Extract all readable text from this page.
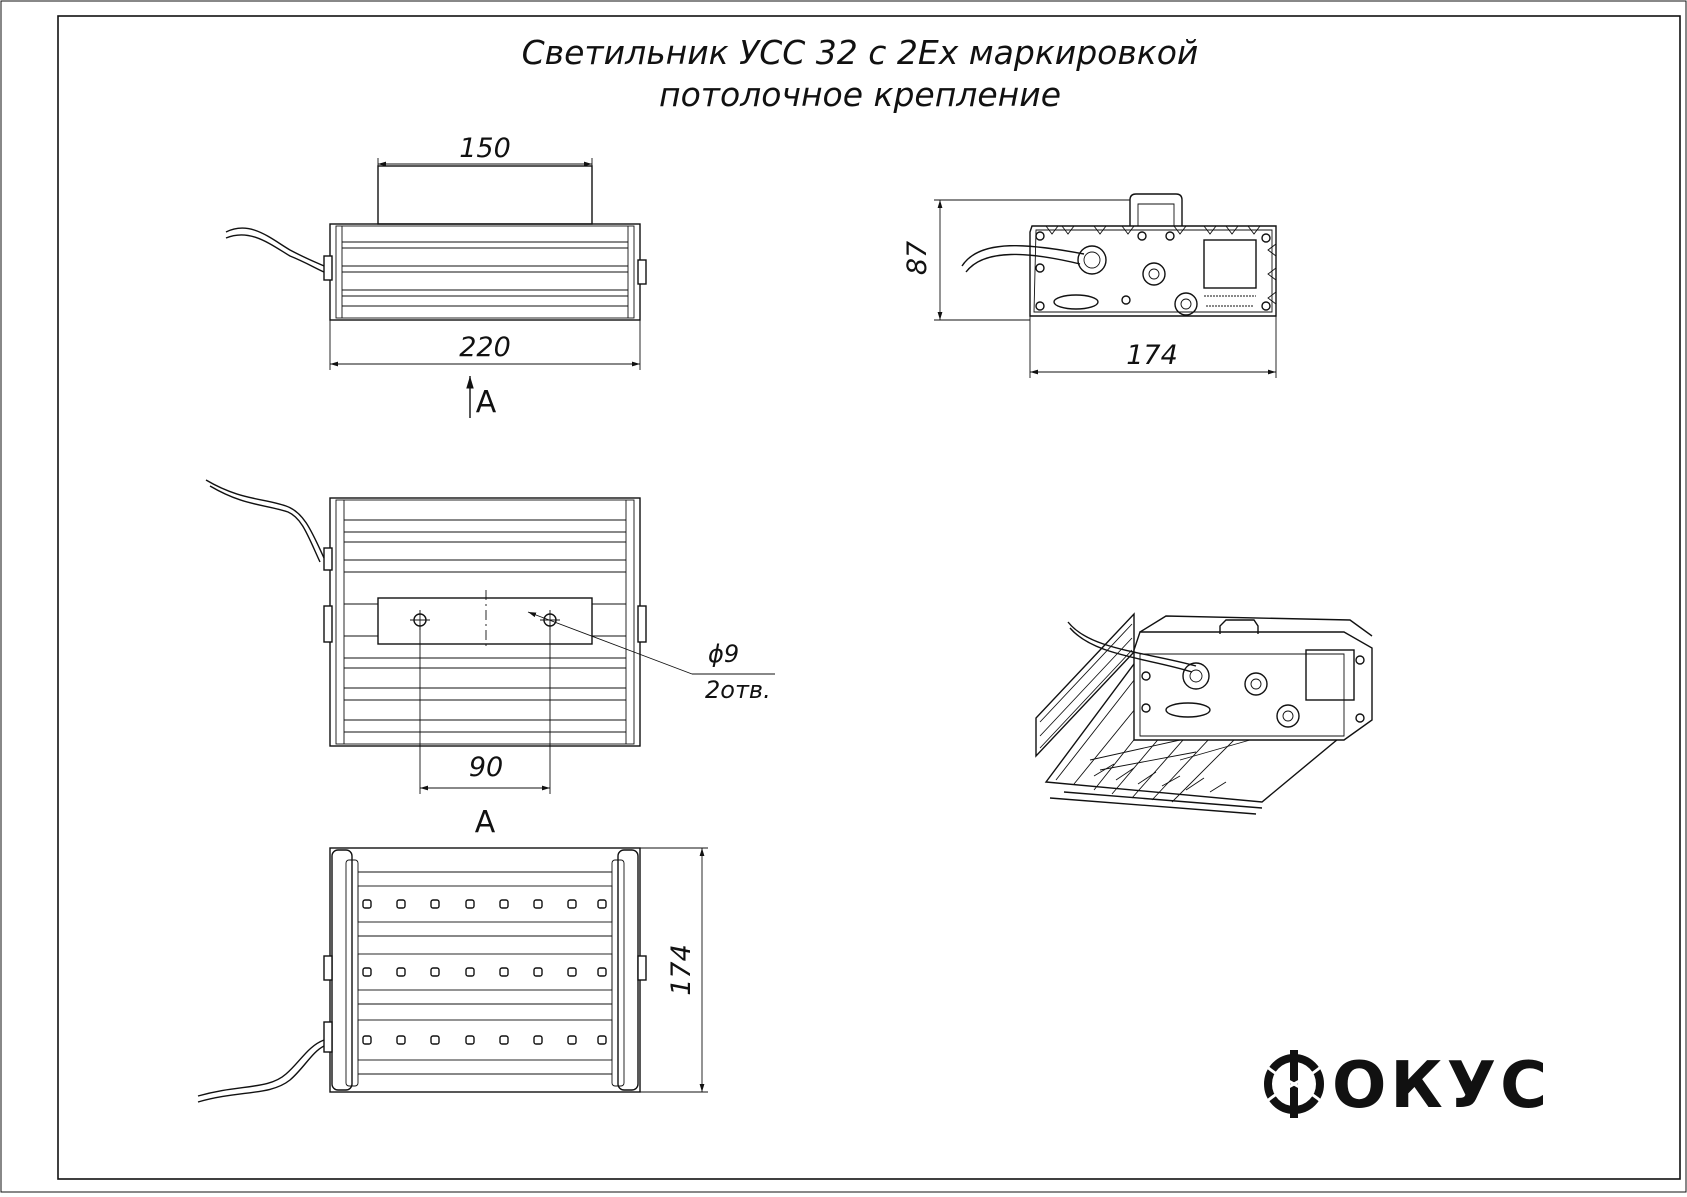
Светильник УСС 32 с 2Ex маркировкой
потолочное крепление
150
220
A
ϕ9
2отв.
90
A
174
87
174
ОКУС
